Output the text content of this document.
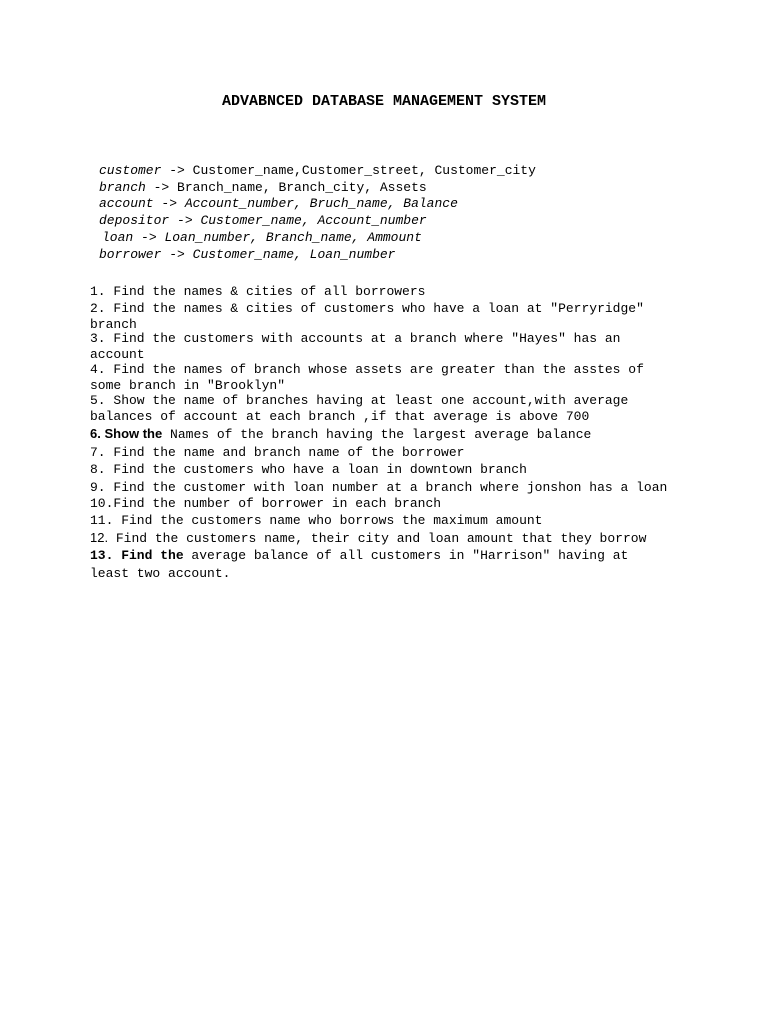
ADVABNCED DATABASE MANAGEMENT SYSTEM
customer -> Customer_name,Customer_street, Customer_city
branch -> Branch_name, Branch_city, Assets
account -> Account_number, Bruch_name, Balance
depositor -> Customer_name, Account_number
loan -> Loan_number, Branch_name, Ammount
borrower -> Customer_name, Loan_number
1. Find the names & cities of all borrowers
2. Find the names & cities of customers who have a loan at "Perryridge"
branch
3. Find the customers with accounts at a branch where "Hayes" has an
account
4. Find the names of branch whose assets are greater than the asstes of
some branch in "Brooklyn"
5. Show the name of branches having at least one account,with average
balances of account at each branch ,if that average is above 700
6. Show the Names of the branch having the largest average balance
7. Find the name and branch name of the borrower
8. Find the customers who have a loan in downtown branch
9. Find the customer with loan number at a branch where jonshon has a loan
10.Find the number of borrower in each branch
11. Find the customers name who borrows the maximum amount
12. Find the customers name, their city and loan amount that they borrow
13. Find the average balance of all customers in "Harrison" having at
least two account.
